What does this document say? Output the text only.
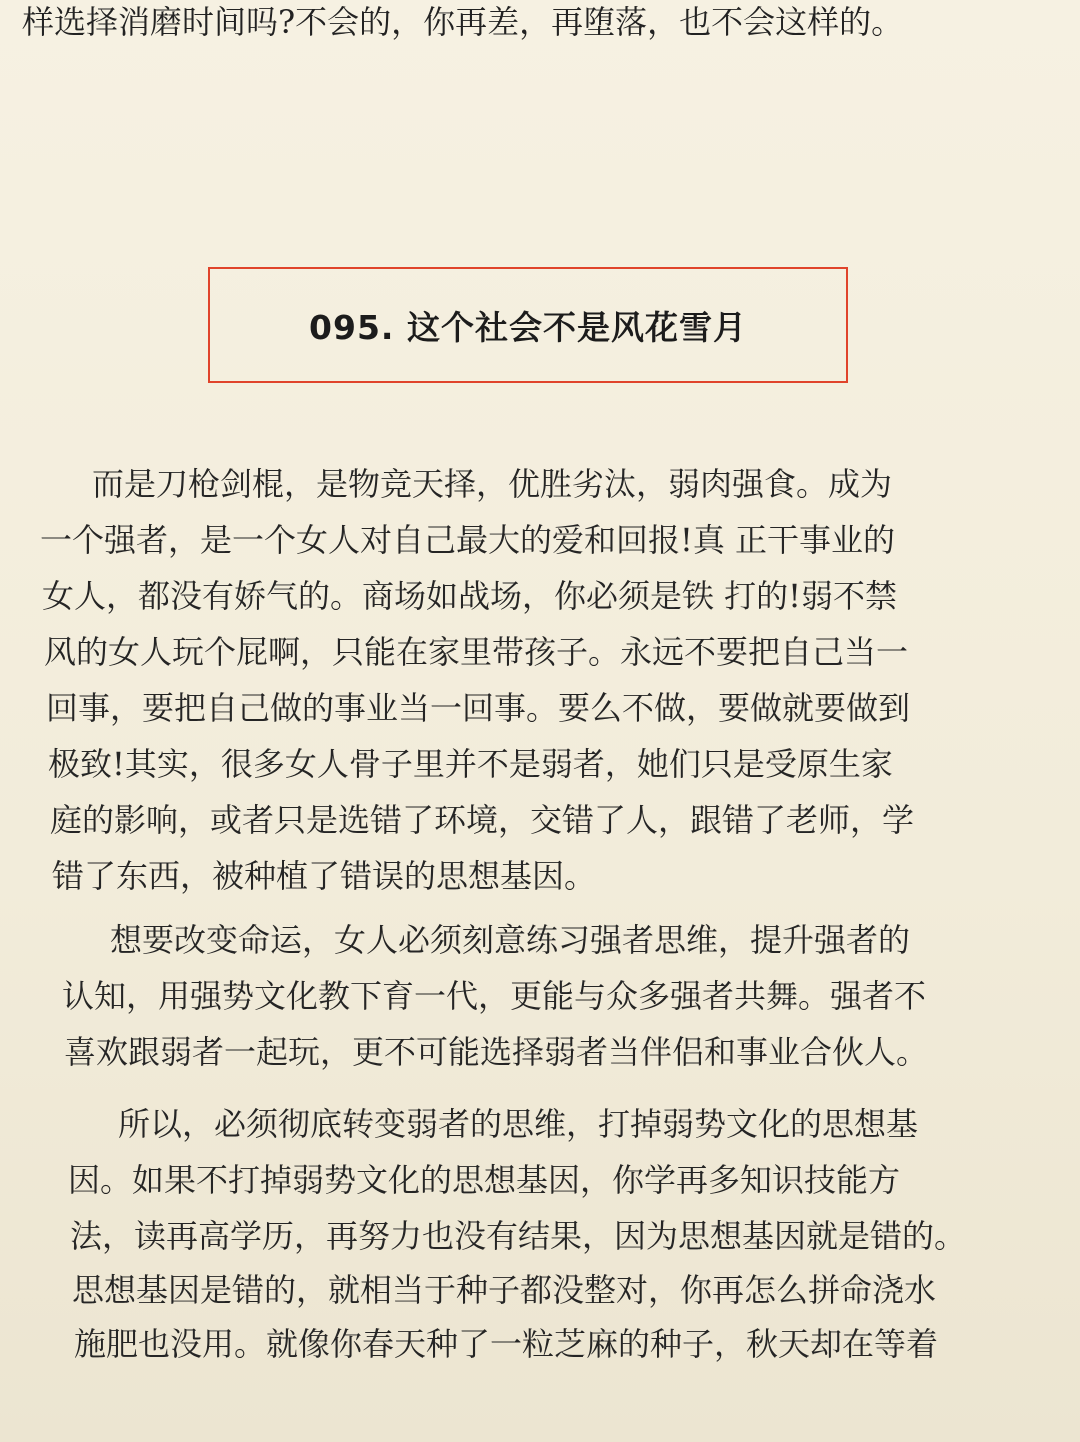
样选择消磨时间吗?不会的，你再差，再堕落，也不会这样的。
095. 这个社会不是风花雪月
而是刀枪剑棍，是物竞天择，优胜劣汰，弱肉强食。成为
一个强者，是一个女人对自己最大的爱和回报!真 正干事业的
女人，都没有娇气的。商场如战场，你必须是铁 打的!弱不禁
风的女人玩个屁啊，只能在家里带孩子。永远不要把自己当一
回事，要把自己做的事业当一回事。要么不做，要做就要做到
极致!其实，很多女人骨子里并不是弱者，她们只是受原生家
庭的影响，或者只是选错了环境，交错了人，跟错了老师，学
错了东西，被种植了错误的思想基因。
想要改变命运，女人必须刻意练习强者思维，提升强者的
认知，用强势文化教下育一代，更能与众多强者共舞。强者不
喜欢跟弱者一起玩，更不可能选择弱者当伴侣和事业合伙人。
所以，必须彻底转变弱者的思维，打掉弱势文化的思想基
因。如果不打掉弱势文化的思想基因，你学再多知识技能方
法，读再高学历，再努力也没有结果，因为思想基因就是错的。
思想基因是错的，就相当于种子都没整对，你再怎么拼命浇水
施肥也没用。就像你春天种了一粒芝麻的种子，秋天却在等着
